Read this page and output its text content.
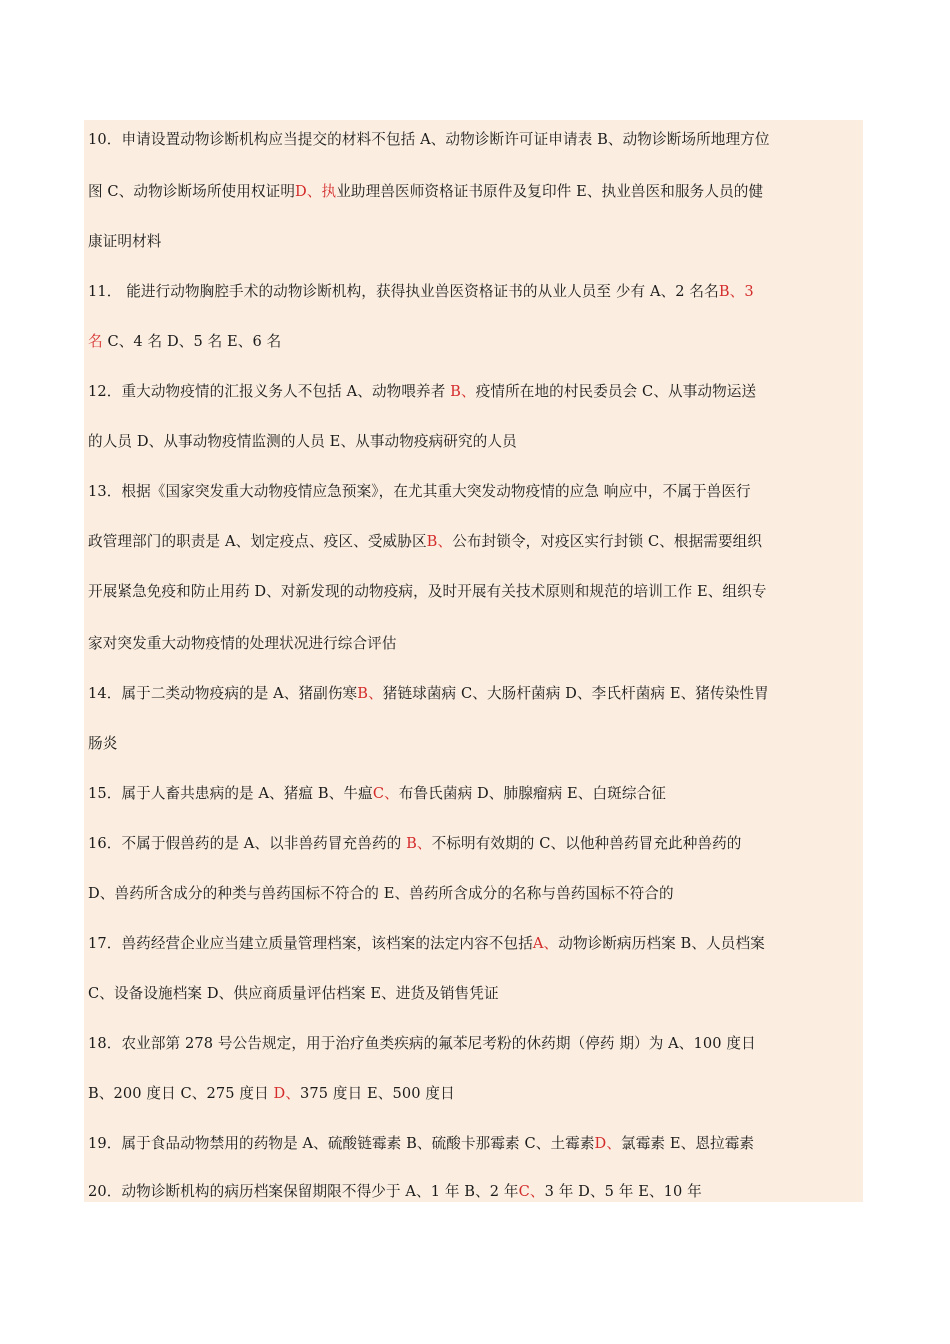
10．申请设置动物诊断机构应当提交的材料不包括 A、动物诊断许可证申请表 B、动物诊断场所地理方位
图 C、动物诊断场所使用权证明D、执业助理兽医师资格证书原件及复印件 E、执业兽医和服务人员的健
康证明材料
11． 能进行动物胸腔手术的动物诊断机构，获得执业兽医资格证书的从业人员至 少有 A、2 名名B、3
名 C、4 名 D、5 名 E、6 名
12．重大动物疫情的汇报义务人不包括 A、动物喂养者 B、疫情所在地的村民委员会 C、从事动物运送
的人员 D、从事动物疫情监测的人员 E、从事动物疫病研究的人员
13．根据《国家突发重大动物疫情应急预案》，在尤其重大突发动物疫情的应急 响应中，不属于兽医行
政管理部门的职责是 A、划定疫点、疫区、受威胁区B、公布封锁令，对疫区实行封锁 C、根据需要组织
开展紧急免疫和防止用药 D、对新发现的动物疫病，及时开展有关技术原则和规范的培训工作 E、组织专
家对突发重大动物疫情的处理状况进行综合评估
14．属于二类动物疫病的是 A、猪副伤寒B、猪链球菌病 C、大肠杆菌病 D、李氏杆菌病 E、猪传染性胃
肠炎
15．属于人畜共患病的是 A、猪瘟 B、牛瘟C、布鲁氏菌病 D、肺腺瘤病 E、白斑综合征
16．不属于假兽药的是 A、以非兽药冒充兽药的 B、不标明有效期的 C、以他种兽药冒充此种兽药的
D、兽药所含成分的种类与兽药国标不符合的 E、兽药所含成分的名称与兽药国标不符合的
17．兽药经营企业应当建立质量管理档案，该档案的法定内容不包括A、动物诊断病历档案 B、人员档案
C、设备设施档案 D、供应商质量评估档案 E、进货及销售凭证
18．农业部第 278 号公告规定，用于治疗鱼类疾病的氟苯尼考粉的休药期（停药 期）为 A、100 度日
B、200 度日 C、275 度日 D、375 度日 E、500 度日
19．属于食品动物禁用的药物是 A、硫酸链霉素 B、硫酸卡那霉素 C、土霉素D、氯霉素 E、恩拉霉素
20．动物诊断机构的病历档案保留期限不得少于 A、1 年 B、2 年C、3 年 D、5 年 E、10 年
